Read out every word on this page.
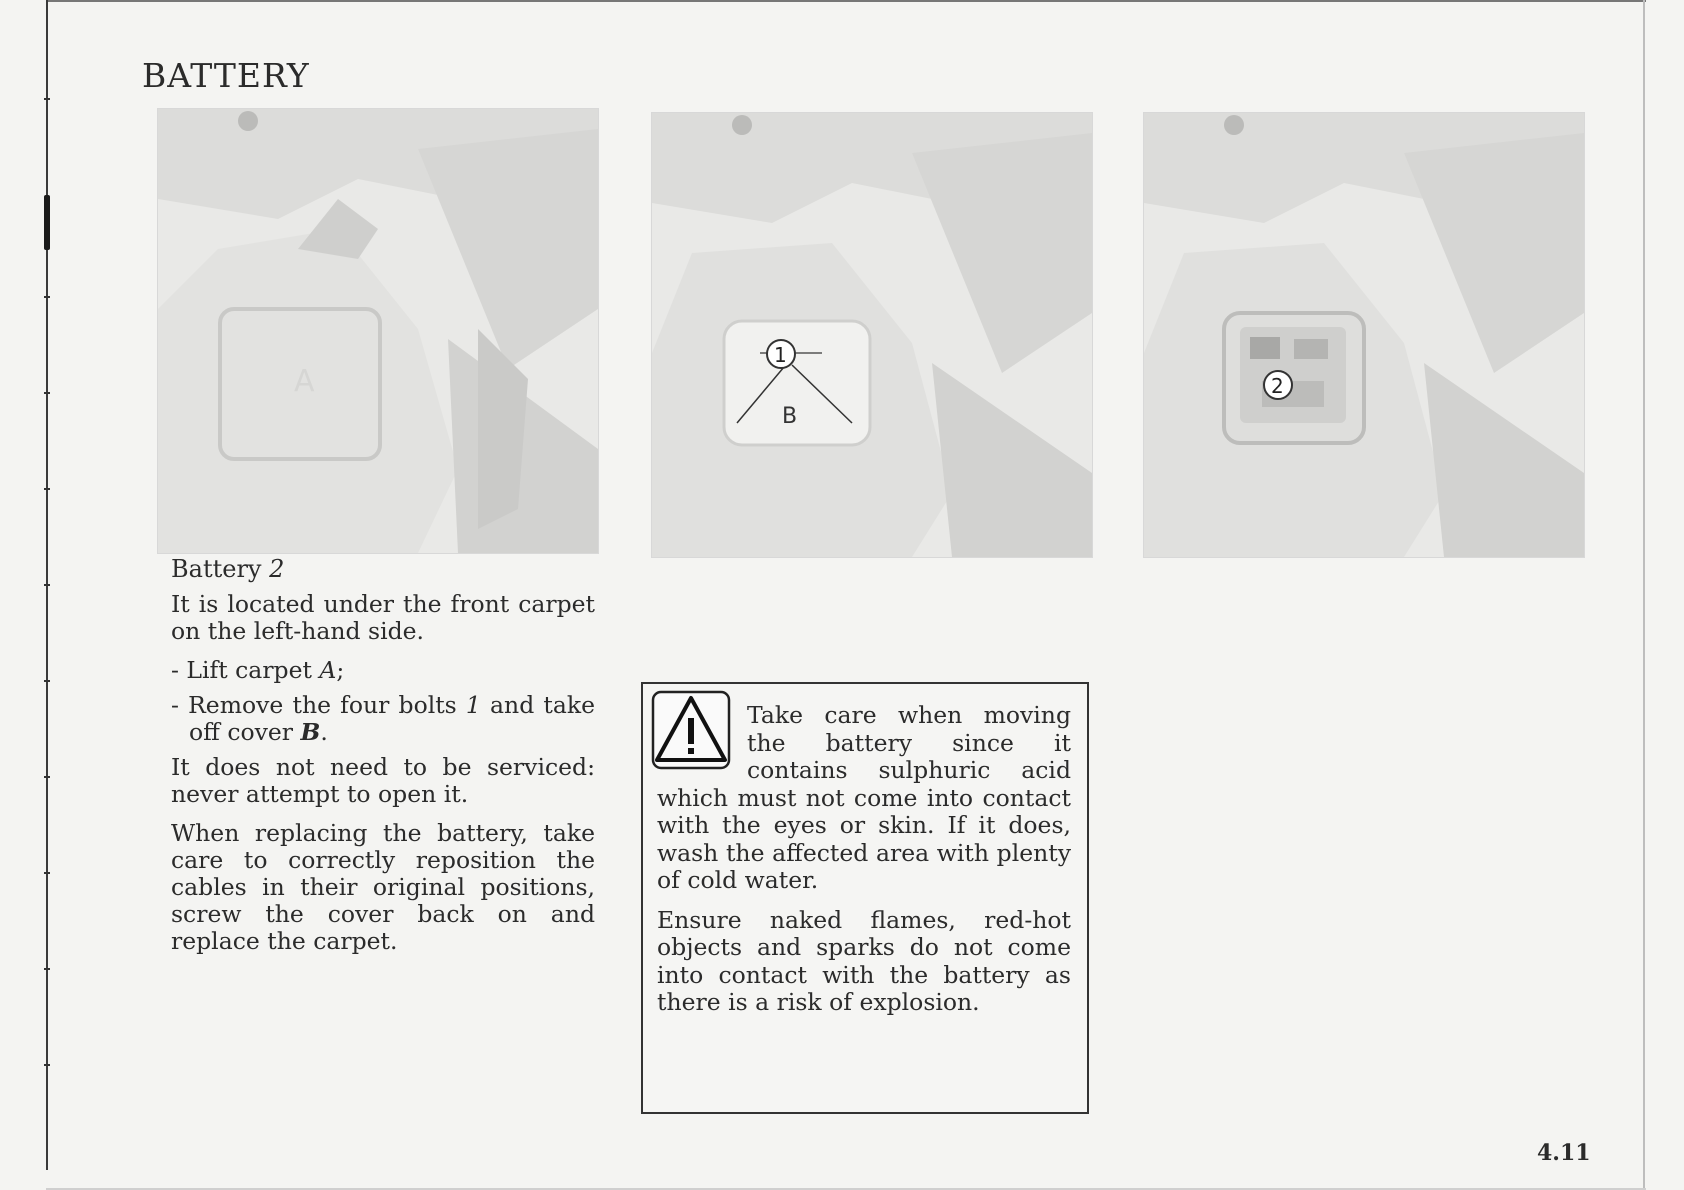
BATTERY
A
1
B
2
Battery 2

It is located under the front carpet on the left-hand side.

- Lift carpet A;
- Remove the four bolts 1 and take off cover B.

It does not need to be serviced: never attempt to open it.

When replacing the battery, take care to correctly reposition the cables in their original positions, screw the cover back on and replace the carpet.

Take care when moving the battery since it contains sulphuric acid which must not come into contact with the eyes or skin. If it does, wash the affected area with plenty of cold water.

Ensure naked flames, red-hot objects and sparks do not come into contact with the battery as there is a risk of explosion.

4.11
